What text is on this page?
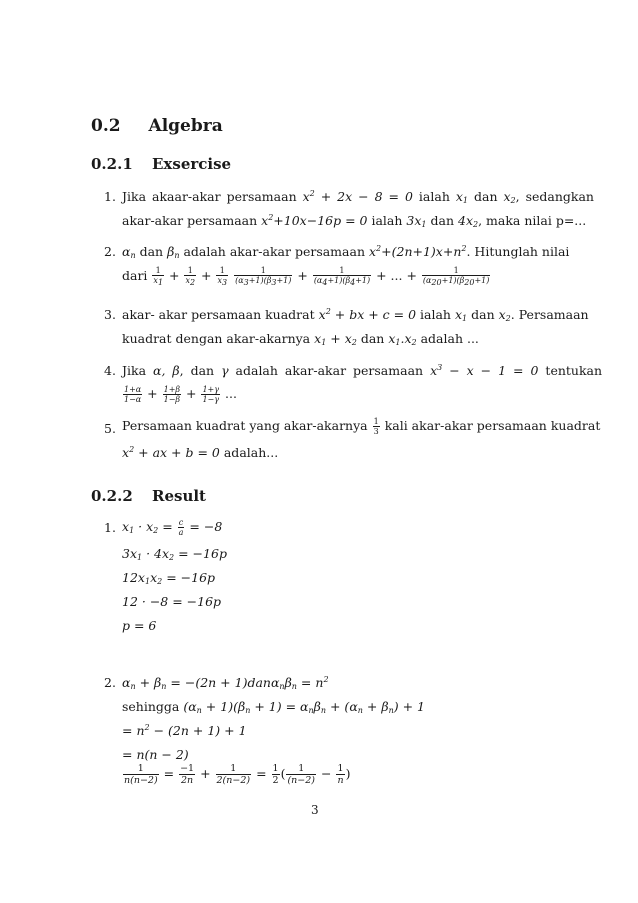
0.2 Algebra
0.2.1 Exsercise
1. Jika akaar-akar persamaan $x^2 + 2x - 8 = 0$ ialah $x_1$ dan $x_2$, sedangkan
akar-akar persamaan $x^2+10x-16p = 0$ ialah $3x_1$ dan $4x_2$, maka nilai p=...
2. $\alpha_n$ dan $\beta_n$ adalah akar-akar persamaan $x^2+(2n+1)x+n^2$. Hitunglah nilai
dari $\frac{1}{x_1} + \frac{1}{x_2} + \frac{1}{x_3}$
$\frac{1}{(\alpha_3+1)(\beta_3+1)} + \frac{1}{(\alpha_4+1)(\beta_4+1)}$ + ... + $\frac{1}{(\alpha_{20}+1)(\beta_{20}+1)}$
3. akar- akar persamaan kuadrat $x^2$ + bx + c = 0 ialah $x_1$ dan $x_2$. Persamaan
kuadrat dengan akar-akarnya $x_1 + x_2$ dan $x_1.x_2$ adalah ...
4. Jika α, β, dan γ adalah akar-akar persamaan $x^3 - x - 1 = 0$ tentukan
$\frac{1+\alpha}{1-\alpha} + \frac{1+\beta}{1-\beta} + \frac{1+\gamma}{1-\gamma}$ ...
5. Persamaan kuadrat yang akar-akarnya $\frac{1}{3}$ kali akar-akar persamaan kuadrat
$x^2$ + ax + b = 0 adalah...
0.2.2 Result
1. $x_1 \cdot x_2 = \frac{c}{a} = -8$
$3x_1 \cdot 4x_2 = -16p$
$12x_1x_2 = -16p$
12 · −8 = −16p
p = 6
2. $\alpha_n + \beta_n = -(2n + 1)dan\alpha_n\beta_n = n^2$
sehingga $(\alpha_n + 1)(\beta_n + 1) = \alpha_n\beta_n + (\alpha_n + \beta_n) + 1$
= $n^2 - (2n + 1) + 1$
= n(n − 2)
$\frac{1}{n(n-2)} = \frac{-1}{2n} + \frac{1}{2(n-2)} = \frac{1}{2}$ ( $\frac{1}{(n-2)} - \frac{1}{n}$ )
3
